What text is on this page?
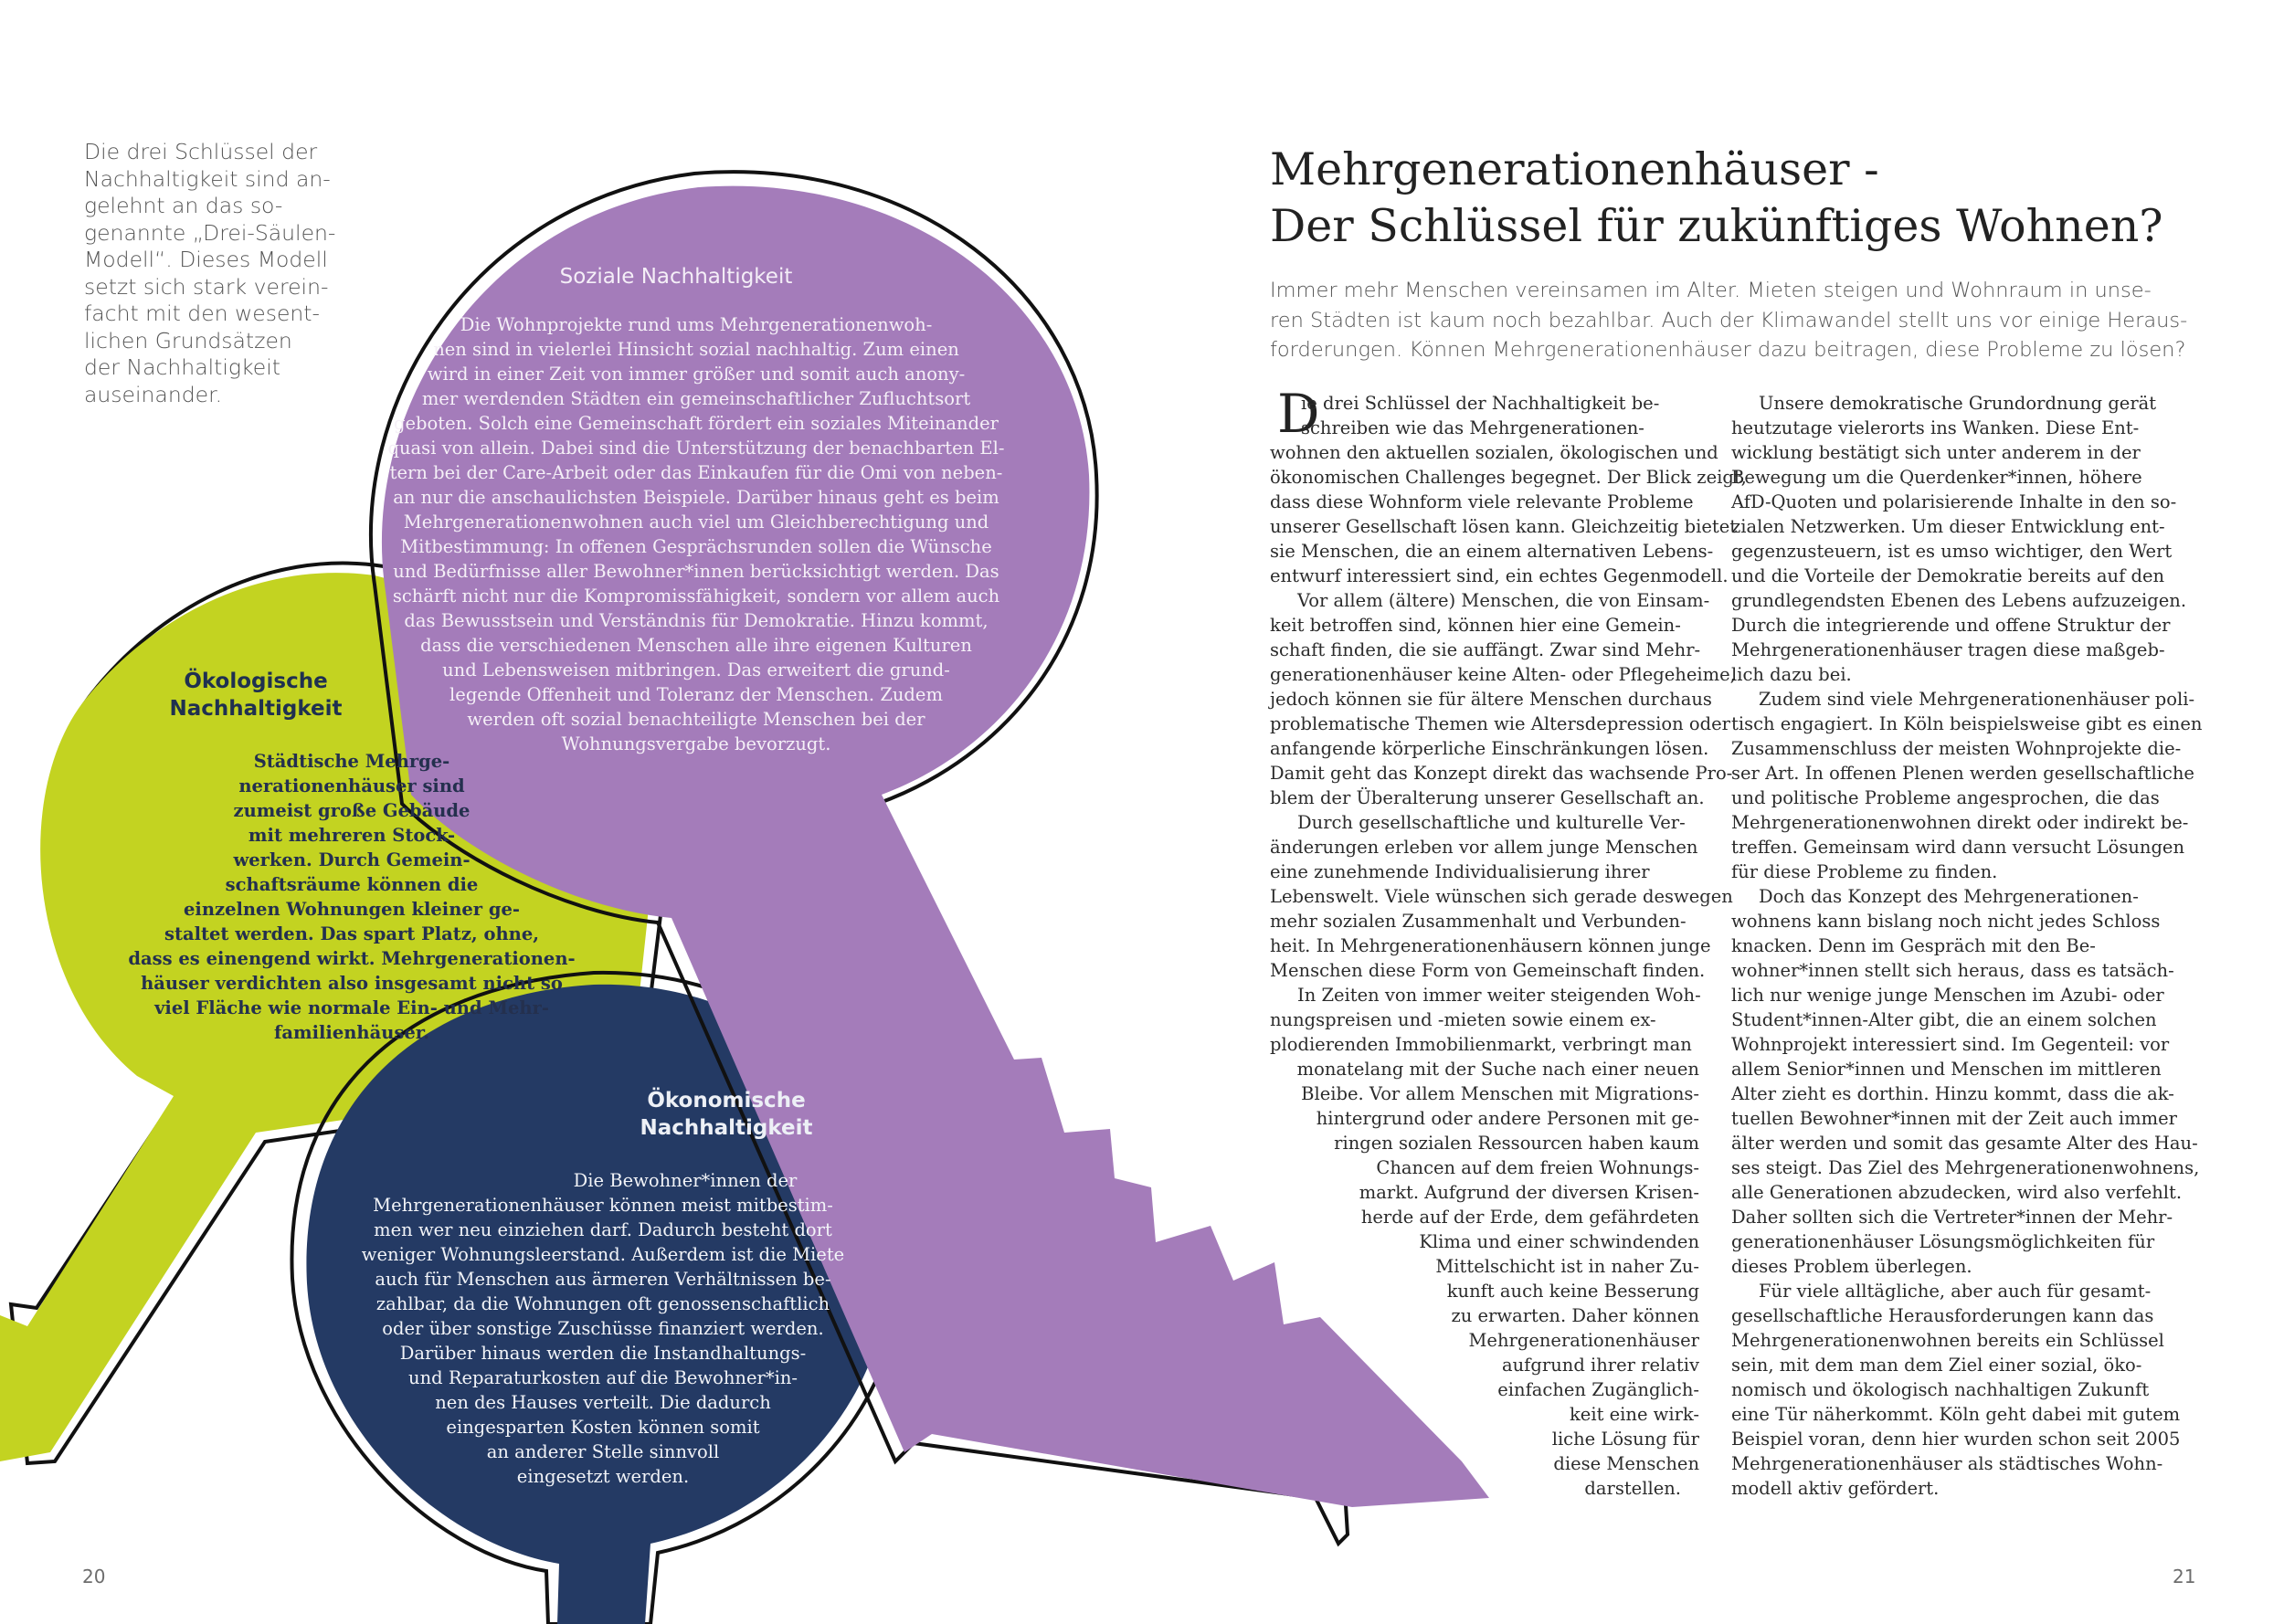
Die drei Schlüssel der
Nachhaltigkeit sind an-
gelehnt an das so-
genannte „Drei-Säulen-
Modell“. Dieses Modell
setzt sich stark verein-
facht mit den wesent-
lichen Grundsätzen
der Nachhaltigkeit
auseinander.
Soziale Nachhaltigkeit
Die Wohnprojekte rund ums Mehrgenerationenwoh-
nen sind in vielerlei Hinsicht sozial nachhaltig. Zum einen
wird in einer Zeit von immer größer und somit auch anony-
mer werdenden Städten ein gemeinschaftlicher Zufluchtsort
geboten. Solch eine Gemeinschaft fördert ein soziales Miteinander
quasi von allein. Dabei sind die Unterstützung der benachbarten El-
tern bei der Care-Arbeit oder das Einkaufen für die Omi von neben-
an nur die anschaulichsten Beispiele. Darüber hinaus geht es beim
Mehrgenerationenwohnen auch viel um Gleichberechtigung und
Mitbestimmung: In offenen Gesprächsrunden sollen die Wünsche
und Bedürfnisse aller Bewohner*innen berücksichtigt werden. Das
schärft nicht nur die Kompromissfähigkeit, sondern vor allem auch
das Bewusstsein und Verständnis für Demokratie. Hinzu kommt,
dass die verschiedenen Menschen alle ihre eigenen Kulturen
und Lebensweisen mitbringen. Das erweitert die grund-
legende Offenheit und Toleranz der Menschen. Zudem
werden oft sozial benachteiligte Menschen bei der
Wohnungsvergabe bevorzugt.
Ökologische
Nachhaltigkeit
Städtische Mehrge-
nerationenhäuser sind
zumeist große Gebäude
mit mehreren Stock-
werken. Durch Gemein-
schaftsräume können die
einzelnen Wohnungen kleiner ge-
staltet werden. Das spart Platz, ohne,
dass es einengend wirkt. Mehrgenerationen-
häuser verdichten also insgesamt nicht so
viel Fläche wie normale Ein- und Mehr-
familienhäuser.
Ökonomische
Nachhaltigkeit
Die Bewohner*innen der
Mehrgenerationenhäuser können meist mitbestim-
men wer neu einziehen darf. Dadurch besteht dort
weniger Wohnungsleerstand. Außerdem ist die Miete
auch für Menschen aus ärmeren Verhältnissen be-
zahlbar, da die Wohnungen oft genossenschaftlich
oder über sonstige Zuschüsse finanziert werden.
Darüber hinaus werden die Instandhaltungs-
und Reparaturkosten auf die Bewohner*in-
nen des Hauses verteilt. Die dadurch
eingesparten Kosten können somit
an anderer Stelle sinnvoll
eingesetzt werden.
Mehrgenerationenhäuser -
Der Schlüssel für zukünftiges Wohnen?

Immer mehr Menschen vereinsamen im Alter. Mieten steigen und Wohnraum in unse-
ren Städten ist kaum noch bezahlbar. Auch der Klimawandel stellt uns vor einige Heraus-
forderungen. Können Mehrgenerationenhäuser dazu beitragen, diese Probleme zu lösen?

D
ie drei Schlüssel der Nachhaltigkeit be-
schreiben wie das Mehrgenerationen-
wohnen den aktuellen sozialen, ökologischen und
ökonomischen Challenges begegnet. Der Blick zeigt,
dass diese Wohnform viele relevante Probleme
unserer Gesellschaft lösen kann. Gleichzeitig bietet
sie Menschen, die an einem alternativen Lebens-
entwurf interessiert sind, ein echtes Gegenmodell.
Vor allem (ältere) Menschen, die von Einsam-
keit betroffen sind, können hier eine Gemein-
schaft finden, die sie auffängt. Zwar sind Mehr-
generationenhäuser keine Alten- oder Pflegeheime,
jedoch können sie für ältere Menschen durchaus
problematische Themen wie Altersdepression oder
anfangende körperliche Einschränkungen lösen.
Damit geht das Konzept direkt das wachsende Pro-
blem der Überalterung unserer Gesellschaft an.
Durch gesellschaftliche und kulturelle Ver-
änderungen erleben vor allem junge Menschen
eine zunehmende Individualisierung ihrer
Lebenswelt. Viele wünschen sich gerade deswegen
mehr sozialen Zusammenhalt und Verbunden-
heit. In Mehrgenerationenhäusern können junge
Menschen diese Form von Gemeinschaft finden.
In Zeiten von immer weiter steigenden Woh-
nungspreisen und -mieten sowie einem ex-
plodierenden Immobilienmarkt, verbringt man
monatelang mit der Suche nach einer neuen
Bleibe. Vor allem Menschen mit Migrations-
hintergrund oder andere Personen mit ge-
ringen sozialen Ressourcen haben kaum
Chancen auf dem freien Wohnungs-
markt. Aufgrund der diversen Krisen-
herde auf der Erde, dem gefährdeten
Klima und einer schwindenden
Mittelschicht ist in naher Zu-
kunft auch keine Besserung
zu erwarten. Daher können
Mehrgenerationenhäuser
aufgrund ihrer relativ
einfachen Zugänglich-
keit eine wirk-
liche Lösung für
diese Menschen
darstellen.
Unsere demokratische Grundordnung gerät
heutzutage vielerorts ins Wanken. Diese Ent-
wicklung bestätigt sich unter anderem in der
Bewegung um die Querdenker*innen, höhere
AfD-Quoten und polarisierende Inhalte in den so-
zialen Netzwerken. Um dieser Entwicklung ent-
gegenzusteuern, ist es umso wichtiger, den Wert
und die Vorteile der Demokratie bereits auf den
grundlegendsten Ebenen des Lebens aufzuzeigen.
Durch die integrierende und offene Struktur der
Mehrgenerationenhäuser tragen diese maßgeb-
lich dazu bei.
Zudem sind viele Mehrgenerationenhäuser poli-
tisch engagiert. In Köln beispielsweise gibt es einen
Zusammenschluss der meisten Wohnprojekte die-
ser Art. In offenen Plenen werden gesellschaftliche
und politische Probleme angesprochen, die das
Mehrgenerationenwohnen direkt oder indirekt be-
treffen. Gemeinsam wird dann versucht Lösungen
für diese Probleme zu finden.
Doch das Konzept des Mehrgenerationen-
wohnens kann bislang noch nicht jedes Schloss
knacken. Denn im Gespräch mit den Be-
wohner*innen stellt sich heraus, dass es tatsäch-
lich nur wenige junge Menschen im Azubi- oder
Student*innen-Alter gibt, die an einem solchen
Wohnprojekt interessiert sind. Im Gegenteil: vor
allem Senior*innen und Menschen im mittleren
Alter zieht es dorthin. Hinzu kommt, dass die ak-
tuellen Bewohner*innen mit der Zeit auch immer
älter werden und somit das gesamte Alter des Hau-
ses steigt. Das Ziel des Mehrgenerationenwohnens,
alle Generationen abzudecken, wird also verfehlt.
Daher sollten sich die Vertreter*innen der Mehr-
generationenhäuser Lösungsmöglichkeiten für
dieses Problem überlegen.
Für viele alltägliche, aber auch für gesamt-
gesellschaftliche Herausforderungen kann das
Mehrgenerationenwohnen bereits ein Schlüssel
sein, mit dem man dem Ziel einer sozial, öko-
nomisch und ökologisch nachhaltigen Zukunft
eine Tür näherkommt. Köln geht dabei mit gutem
Beispiel voran, denn hier wurden schon seit 2005
Mehrgenerationenhäuser als städtisches Wohn-
modell aktiv gefördert.
20	21
